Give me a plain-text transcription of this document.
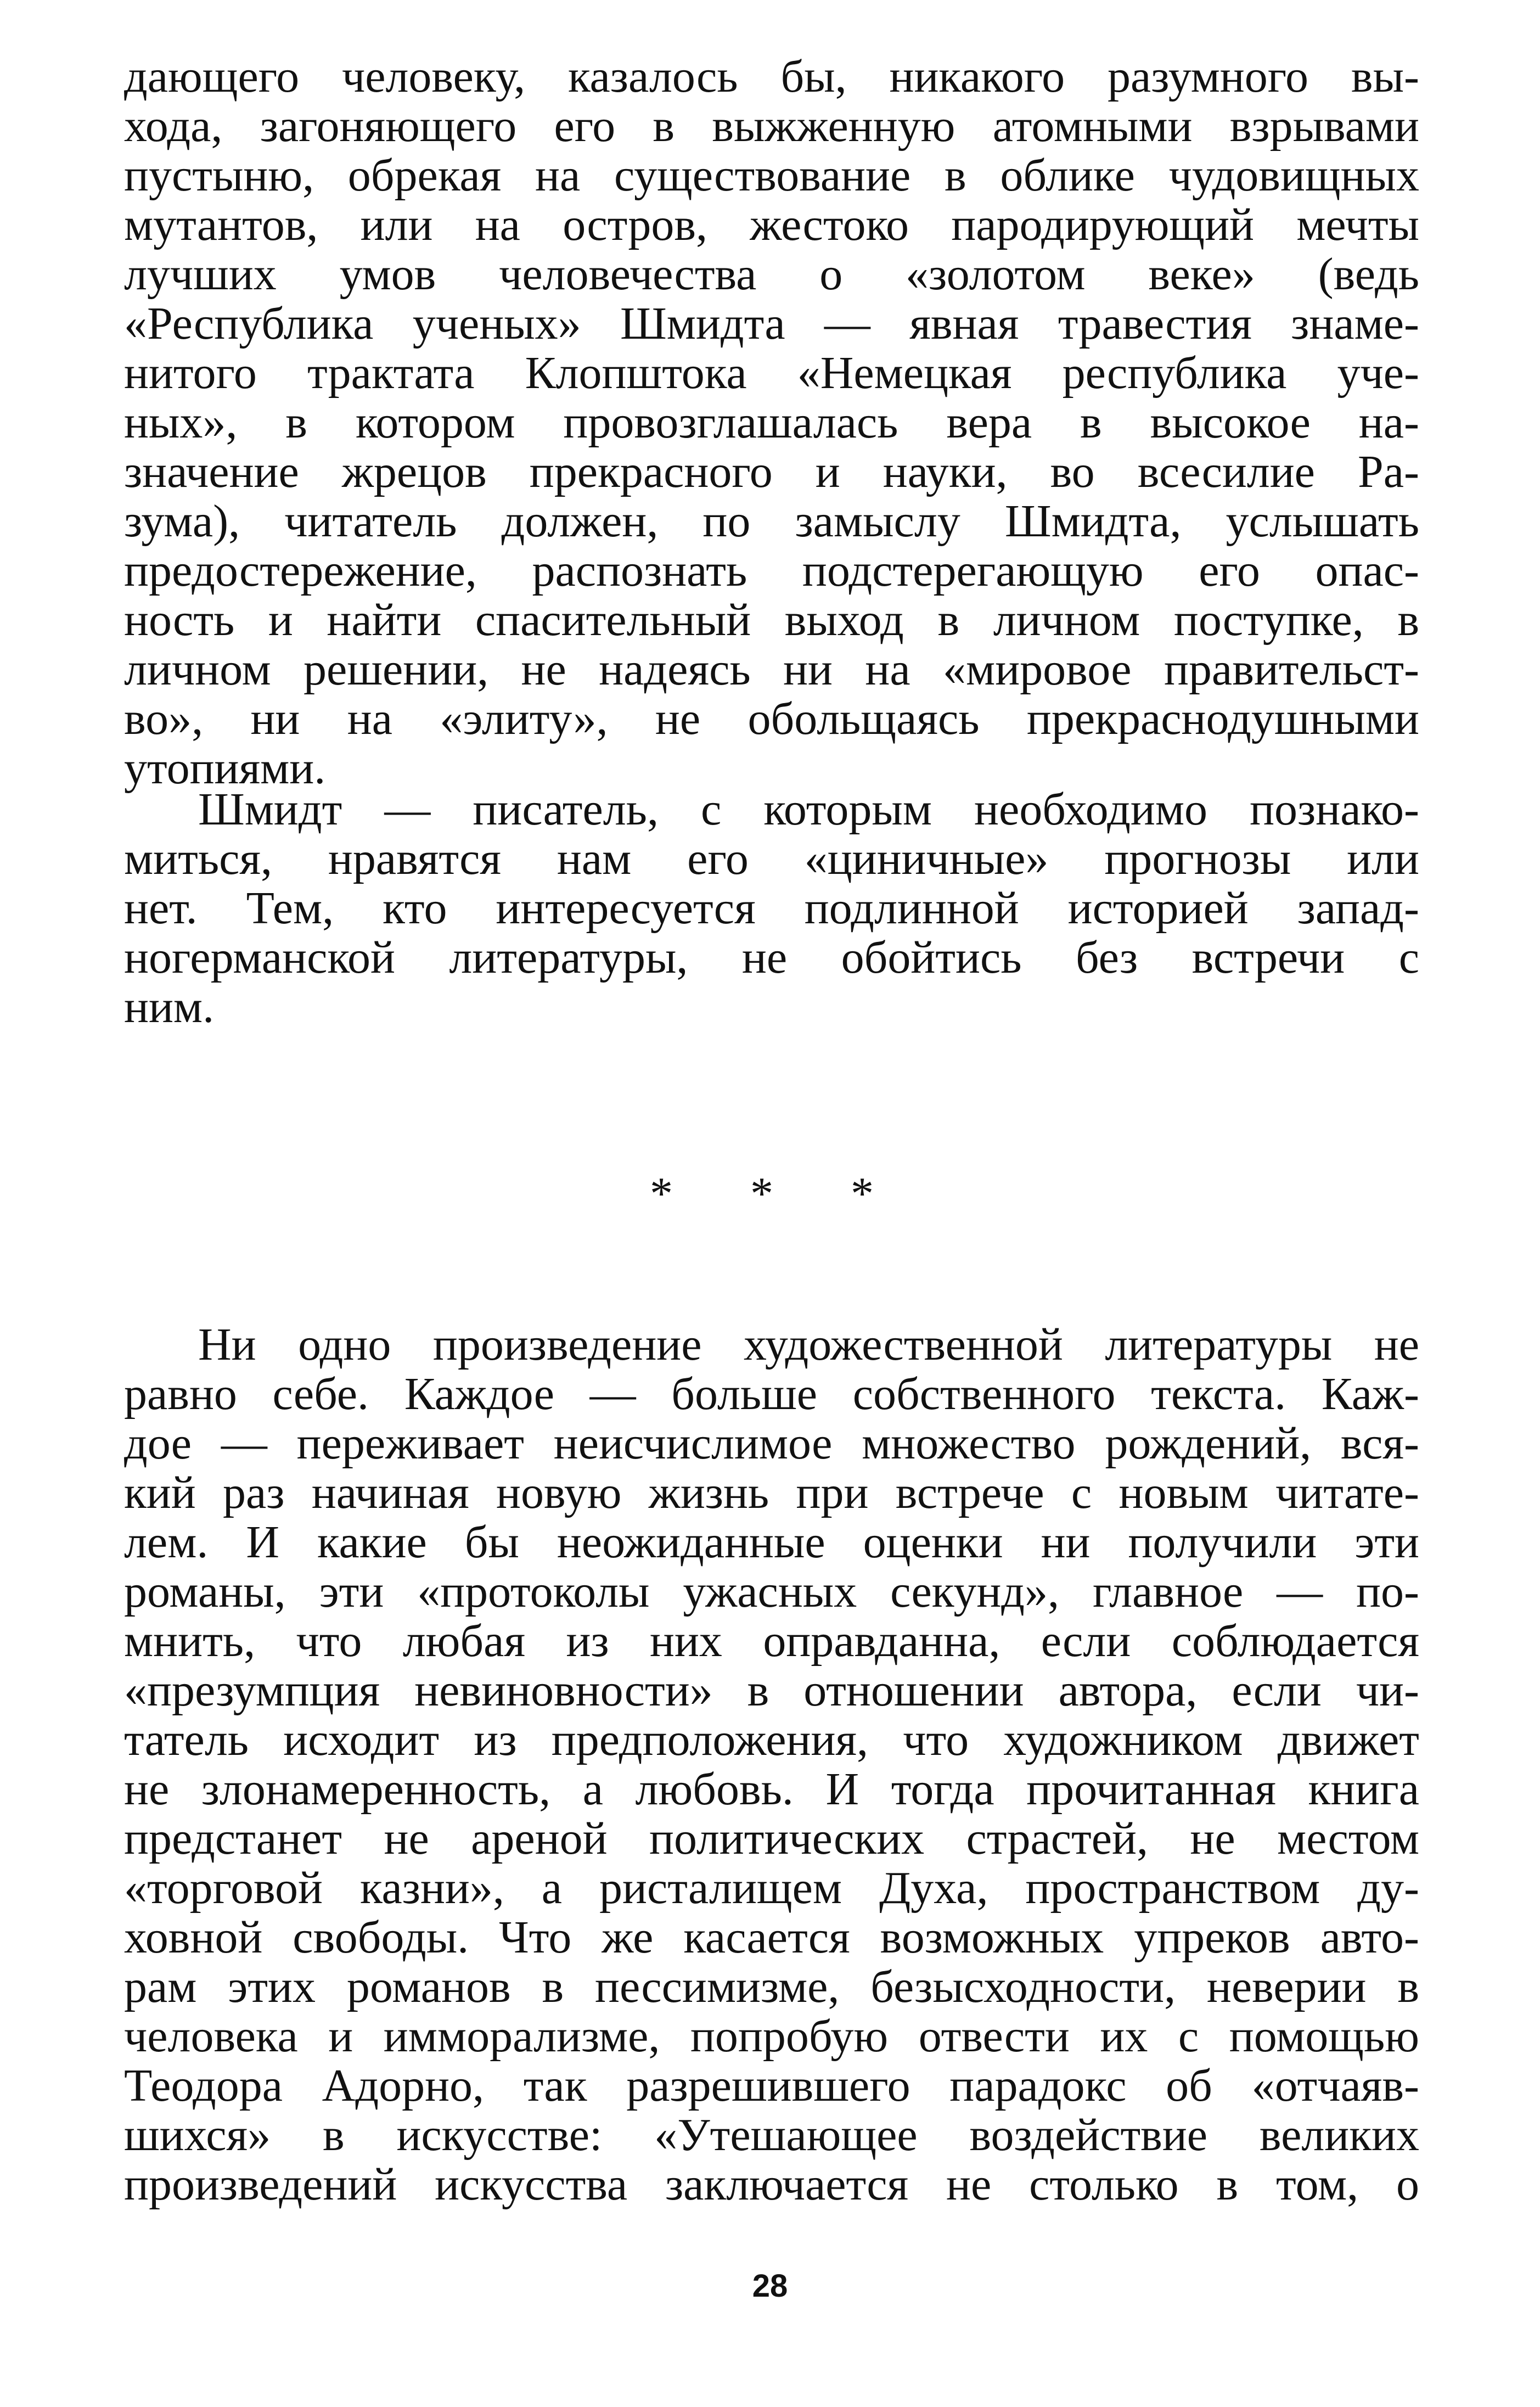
дающего человеку, казалось бы, никакого разумного вы-
хода, загоняющего его в выжженную атомными взрывами
пустыню, обрекая на существование в облике чудовищных
мутантов, или на остров, жестоко пародирующий мечты
лучших умов человечества о «золотом веке» (ведь
«Республика ученых» Шмидта — явная травестия знаме-
нитого трактата Клопштока «Немецкая республика уче-
ных», в котором провозглашалась вера в высокое на-
значение жрецов прекрасного и науки, во всесилие Ра-
зума), читатель должен, по замыслу Шмидта, услышать
предостережение, распознать подстерегающую его опас-
ность и найти спасительный выход в личном поступке, в
личном решении, не надеясь ни на «мировое правительст-
во», ни на «элиту», не обольщаясь прекраснодушными
утопиями.
Шмидт — писатель, с которым необходимо познако-
миться, нравятся нам его «циничные» прогнозы или
нет. Тем, кто интересуется подлинной историей запад-
ногерманской литературы, не обойтись без встречи с
ним.
* * *
Ни одно произведение художественной литературы не
равно себе. Каждое — больше собственного текста. Каж-
дое — переживает неисчислимое множество рождений, вся-
кий раз начиная новую жизнь при встрече с новым читате-
лем. И какие бы неожиданные оценки ни получили эти
романы, эти «протоколы ужасных секунд», главное — по-
мнить, что любая из них оправданна, если соблюдается
«презумпция невиновности» в отношении автора, если чи-
татель исходит из предположения, что художником движет
не злонамеренность, а любовь. И тогда прочитанная книга
предстанет не ареной политических страстей, не местом
«торговой казни», а ристалищем Духа, пространством ду-
ховной свободы. Что же касается возможных упреков авто-
рам этих романов в пессимизме, безысходности, неверии в
человека и имморализме, попробую отвести их с помощью
Теодора Адорно, так разрешившего парадокс об «отчаяв-
шихся» в искусстве: «Утешающее воздействие великих
произведений искусства заключается не столько в том, о
28
